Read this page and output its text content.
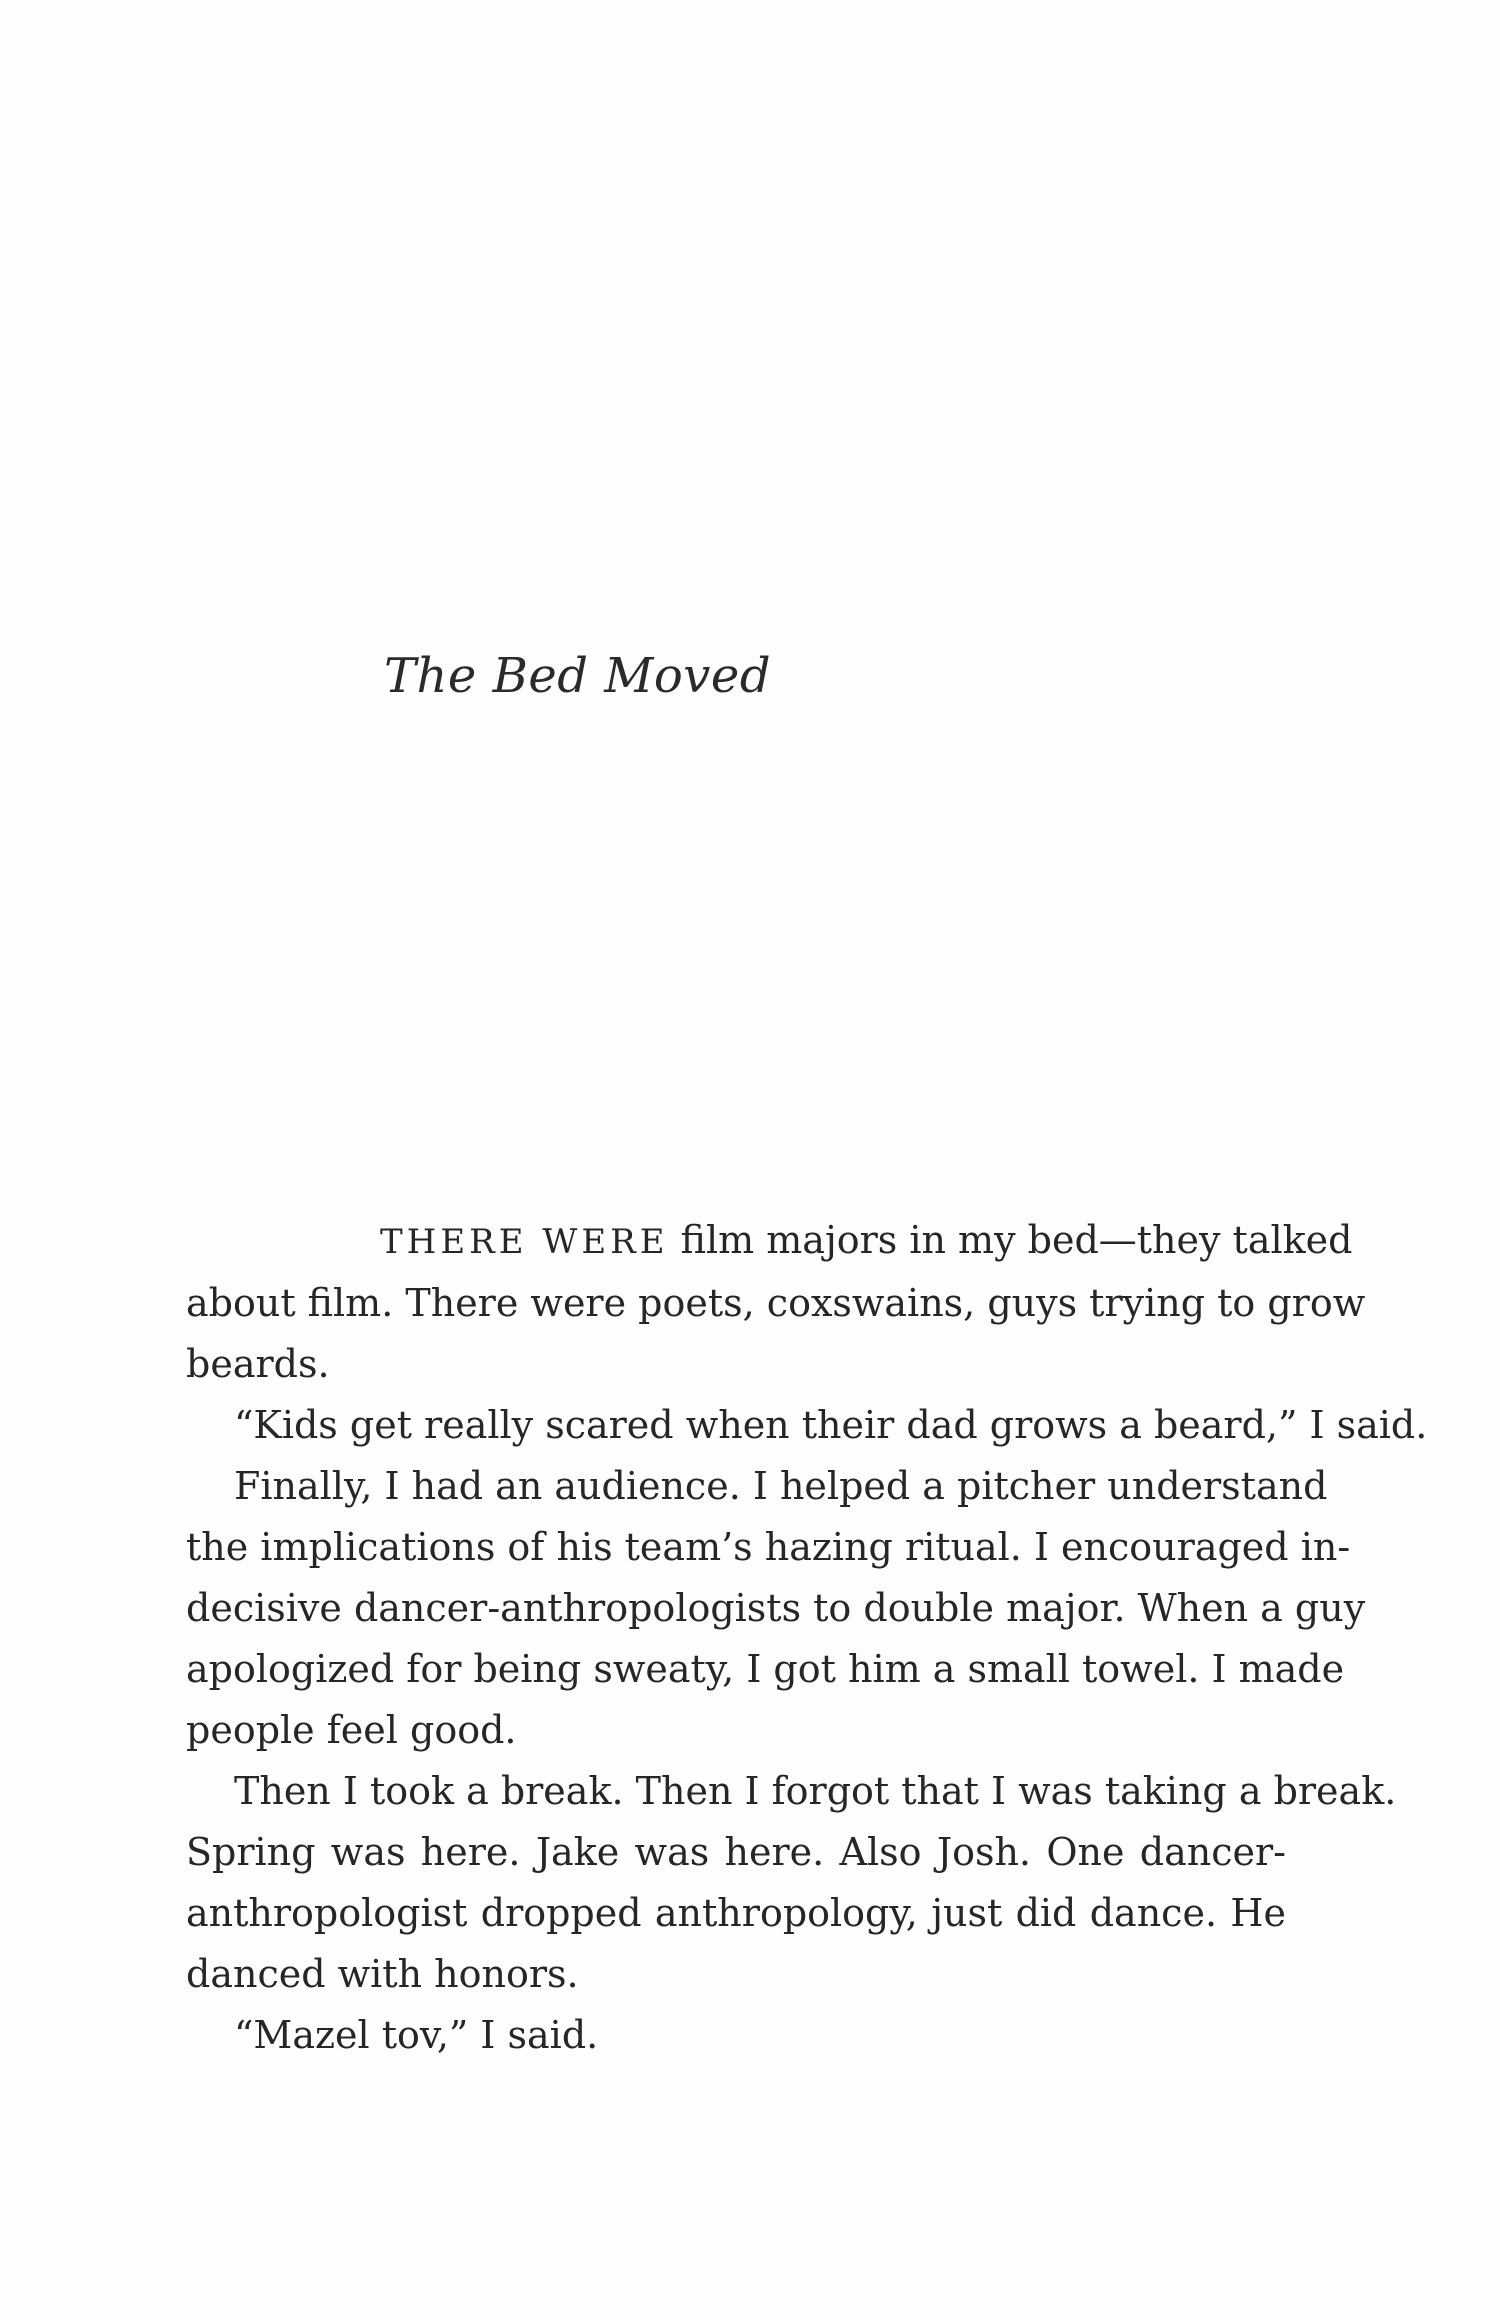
The Bed Moved

THERE WERE film majors in my bed—they talked
about film. There were poets, coxswains, guys trying to grow
beards.

“Kids get really scared when their dad grows a beard,” I said.

Finally, I had an audience. I helped a pitcher understand
the implications of his team’s hazing ritual. I encouraged in-
decisive dancer-anthropologists to double major. When a guy
apologized for being sweaty, I got him a small towel. I made
people feel good.

Then I took a break. Then I forgot that I was taking a break.
Spring was here. Jake was here. Also Josh. One dancer-
anthropologist dropped anthropology, just did dance. He
danced with honors.

“Mazel tov,” I said.
